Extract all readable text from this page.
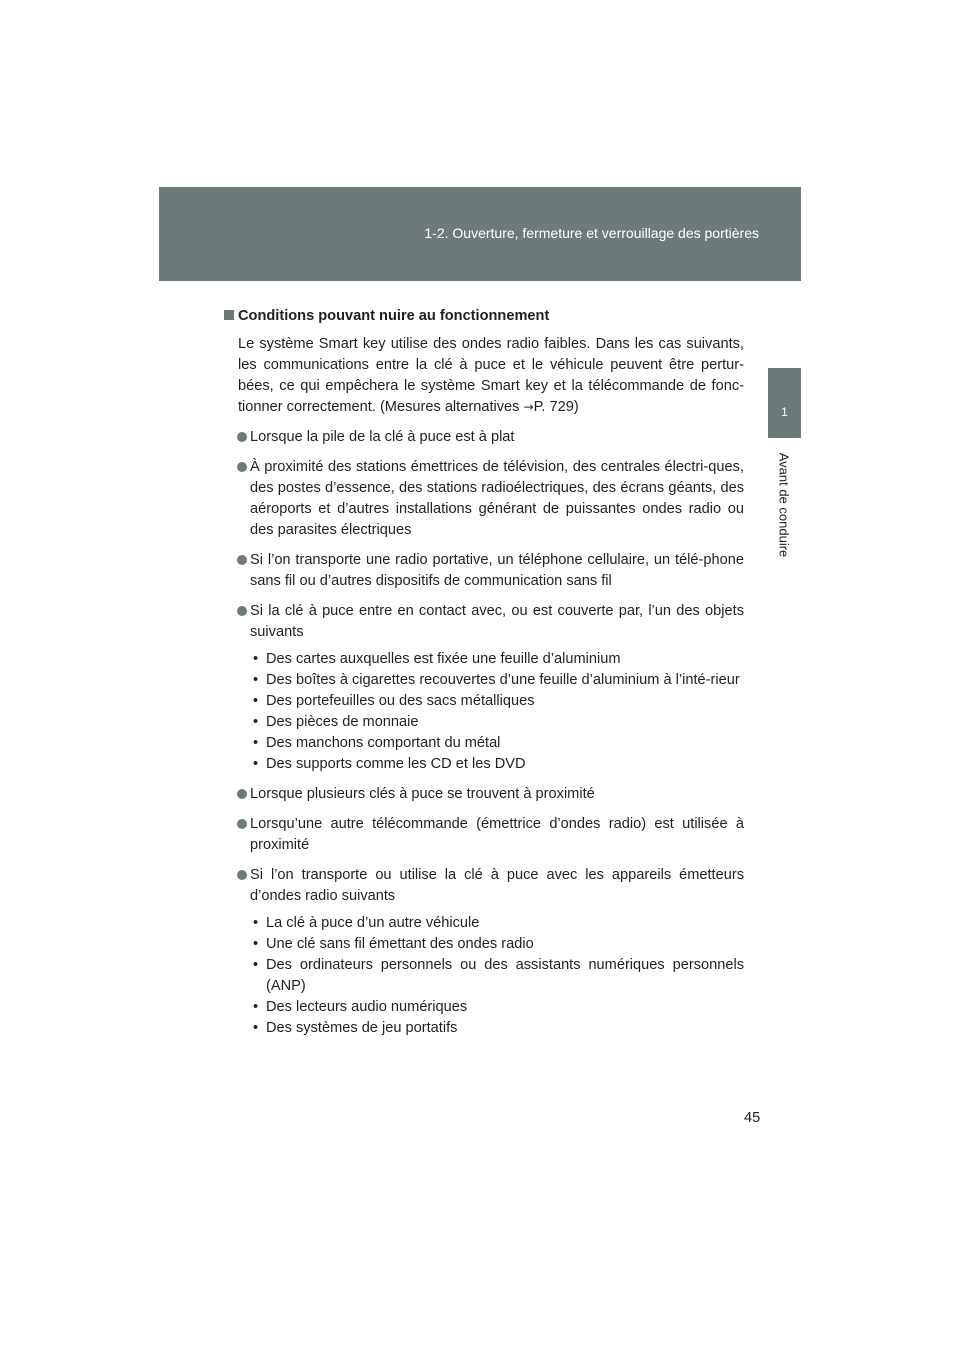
1-2. Ouverture, fermeture et verrouillage des portières
1
Avant de conduire
Conditions pouvant nuire au fonctionnement
Le système Smart key utilise des ondes radio faibles. Dans les cas suivants, les communications entre la clé à puce et le véhicule peuvent être pertur-bées, ce qui empêchera le système Smart key et la télécommande de fonc-tionner correctement. (Mesures alternatives →P. 729)
Lorsque la pile de la clé à puce est à plat
À proximité des stations émettrices de télévision, des centrales électri-ques, des postes d’essence, des stations radioélectriques, des écrans géants, des aéroports et d’autres installations générant de puissantes ondes radio ou des parasites électriques
Si l’on transporte une radio portative, un téléphone cellulaire, un télé-phone sans fil ou d’autres dispositifs de communication sans fil
Si la clé à puce entre en contact avec, ou est couverte par, l’un des objets suivants
• Des cartes auxquelles est fixée une feuille d’aluminium
• Des boîtes à cigarettes recouvertes d’une feuille d’aluminium à l’inté-rieur
• Des portefeuilles ou des sacs métalliques
• Des pièces de monnaie
• Des manchons comportant du métal
• Des supports comme les CD et les DVD
Lorsque plusieurs clés à puce se trouvent à proximité
Lorsqu’une autre télécommande (émettrice d’ondes radio) est utilisée à proximité
Si l’on transporte ou utilise la clé à puce avec les appareils émetteurs d’ondes radio suivants
• La clé à puce d’un autre véhicule
• Une clé sans fil émettant des ondes radio
• Des ordinateurs personnels ou des assistants numériques personnels (ANP)
• Des lecteurs audio numériques
• Des systèmes de jeu portatifs
45
